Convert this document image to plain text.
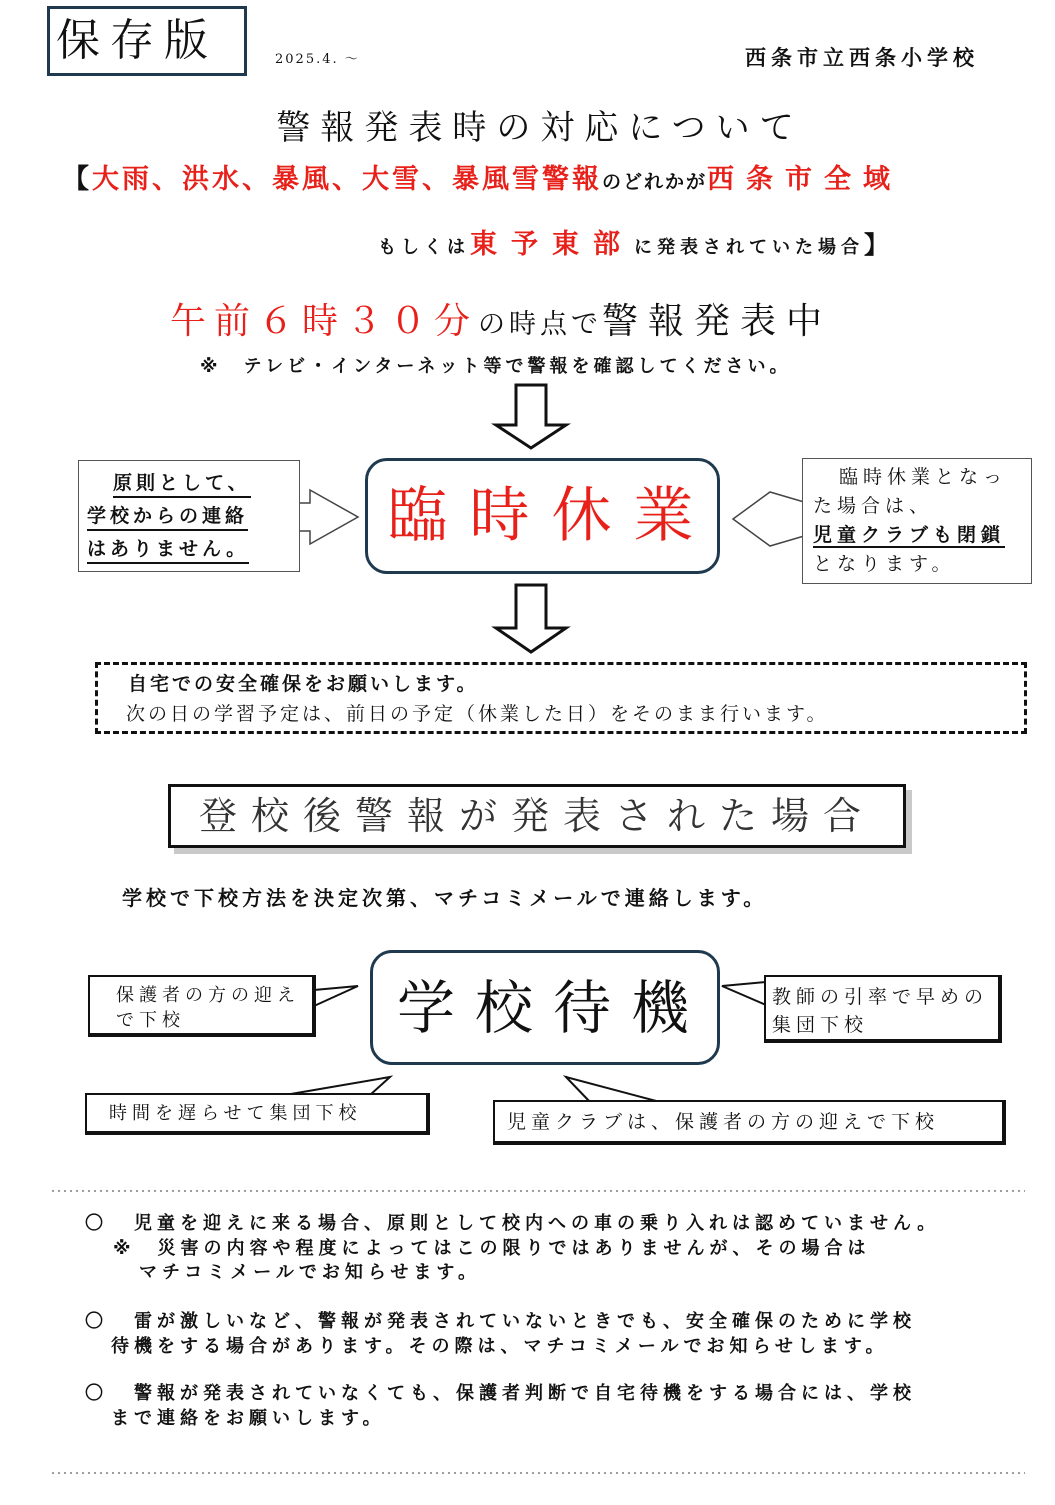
保存版	2025.4. ～	西条市立西条小学校
警報発表時の対応について
【大雨、洪水、暴風、大雪、暴風雪警報のどれかが西条市全域
もしくは東予東部に発表されていた場合】
午前６時３０分の時点で警報発表中
※　テレビ・インターネット等で警報を確認してください。
臨時休業
原則として、
学校からの連絡
はありません。
臨時休業となった場合は、
児童クラブも閉鎖
となります。
自宅での安全確保をお願いします。
次の日の学習予定は、前日の予定（休業した日）をそのまま行います。
登校後警報が発表された場合
学校で下校方法を決定次第、マチコミメールで連絡します。
学校待機
保護者の方の迎えで下校
教師の引率で早めの集団下校
時間を遅らせて集団下校	児童クラブは、保護者の方の迎えで下校
〇 児童を迎えに来る場合、原則として校内への車の乗り入れは認めていません。
※ 災害の内容や程度によってはこの限りではありませんが、その場合は
マチコミメールでお知らせます。
〇 雷が激しいなど、警報が発表されていないときでも、安全確保のために学校
待機をする場合があります。その際は、マチコミメールでお知らせします。
〇 警報が発表されていなくても、保護者判断で自宅待機をする場合には、学校
まで連絡をお願いします。
